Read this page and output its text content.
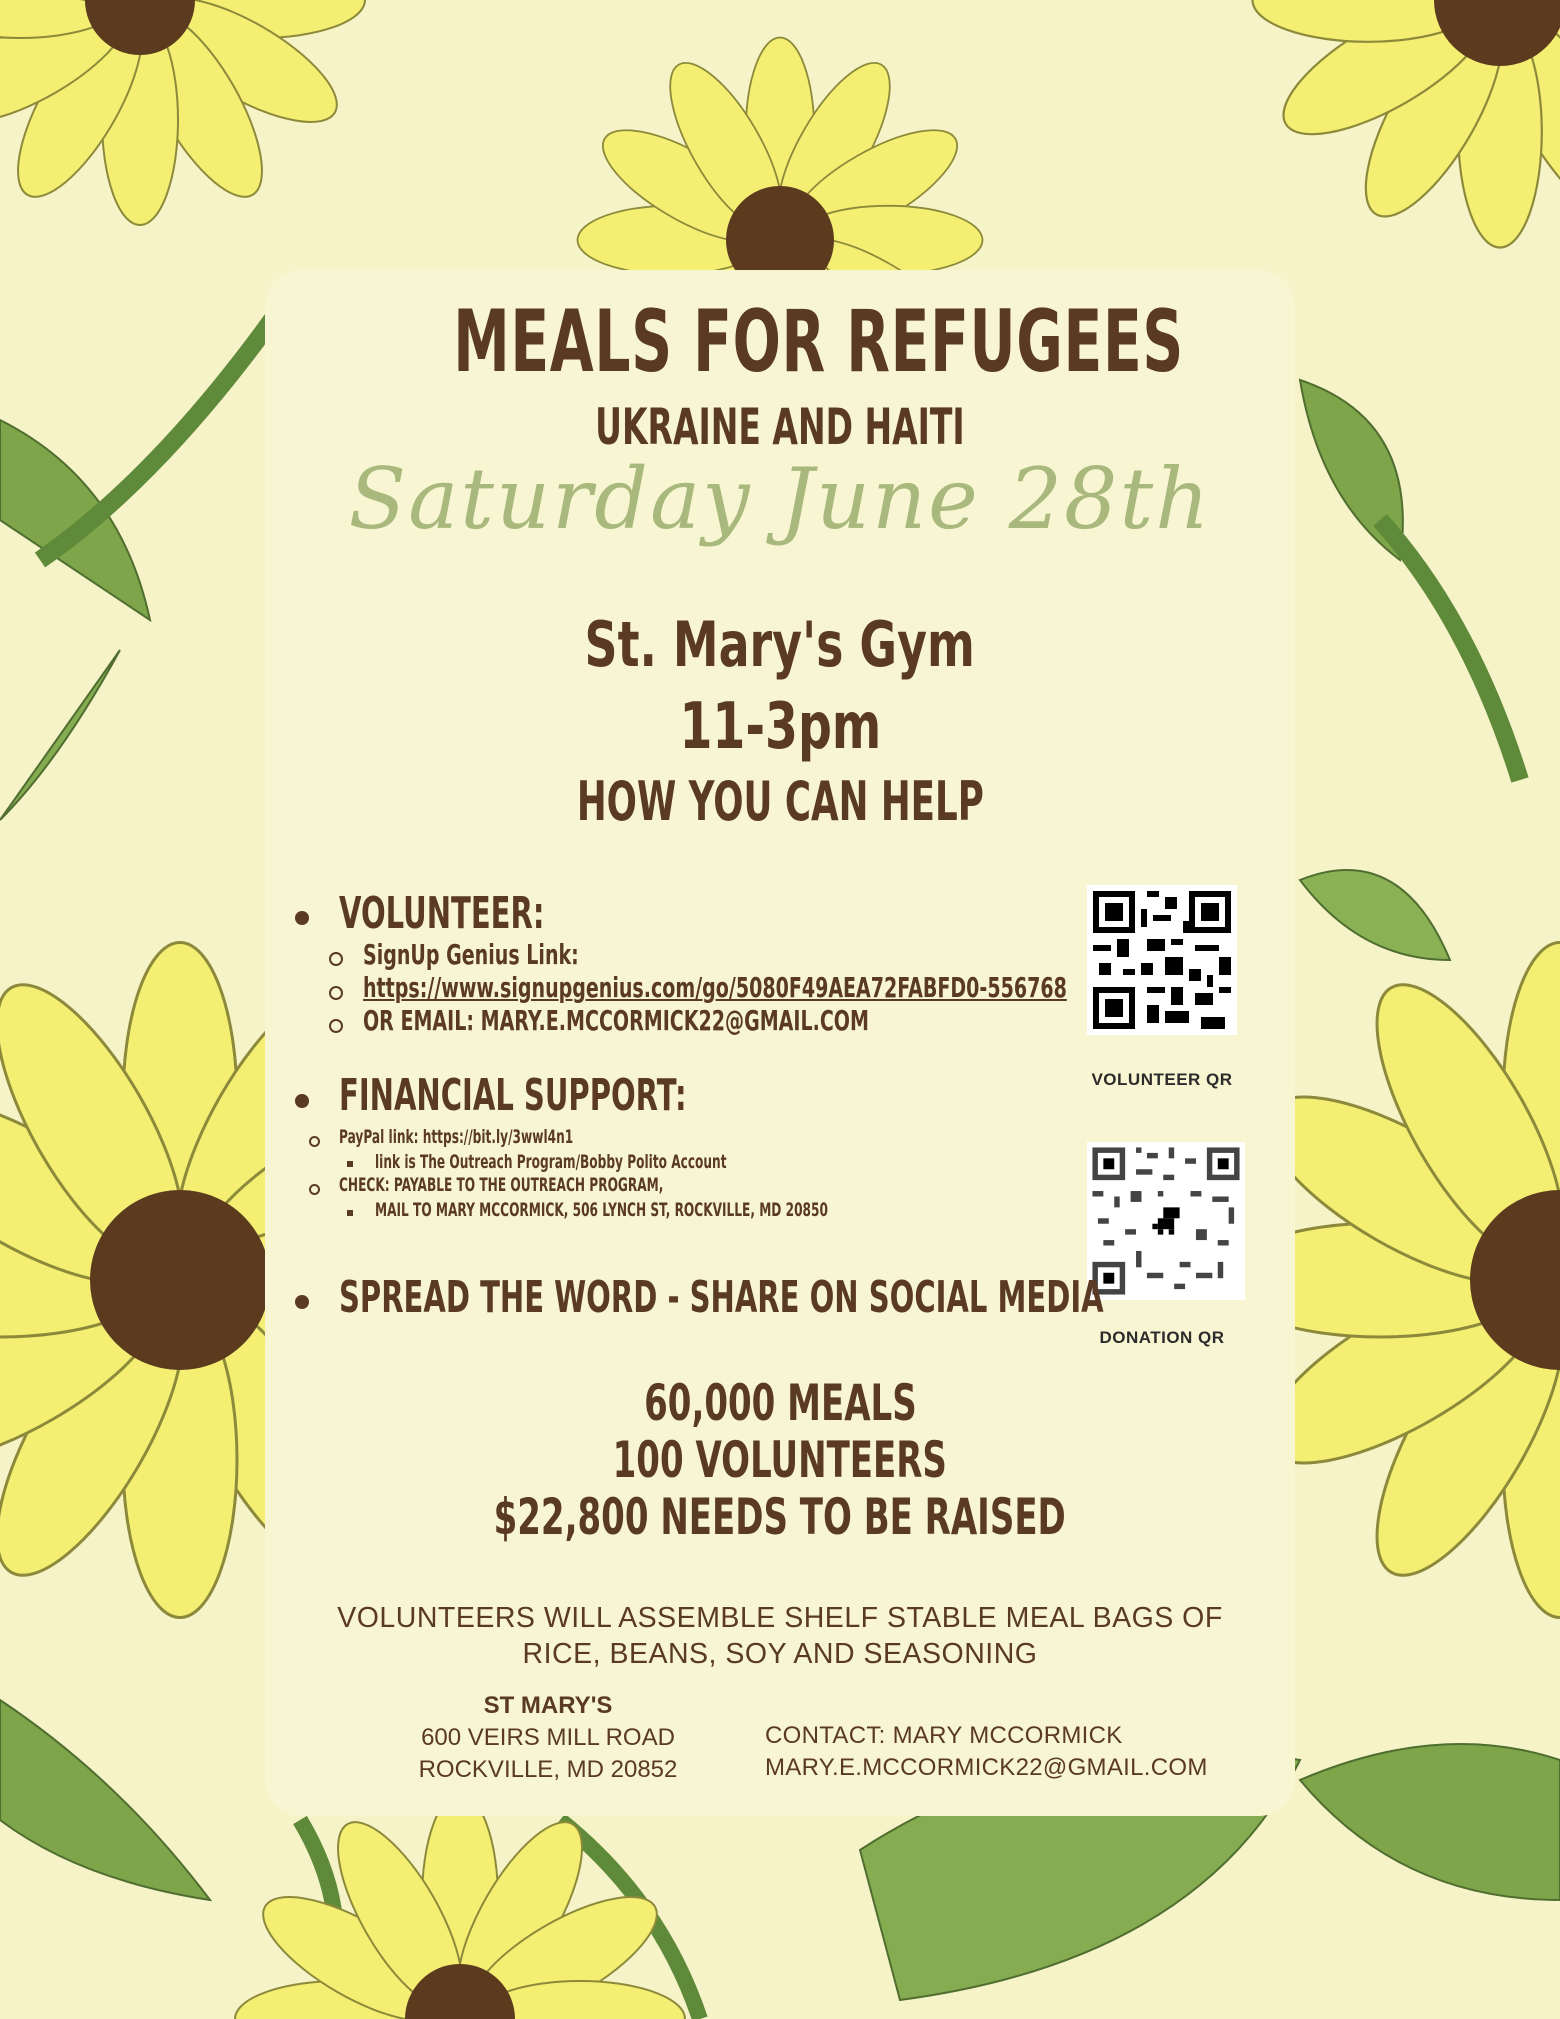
MEALS FOR REFUGEES
UKRAINE AND HAITI
Saturday June 28th
St. Mary's Gym
11-3pm
HOW YOU CAN HELP
VOLUNTEER:
SignUp Genius Link:
https://www.signupgenius.com/go/5080F49AEA72FABFD0-556768
OR EMAIL: MARY.E.MCCORMICK22@GMAIL.COM
VOLUNTEER QR
FINANCIAL SUPPORT:
PayPal link: https://bit.ly/3wwl4n1
link is The Outreach Program/Bobby Polito Account
CHECK: PAYABLE TO THE OUTREACH PROGRAM,
MAIL TO MARY MCCORMICK, 506 LYNCH ST, ROCKVILLE, MD 20850
DONATION QR
SPREAD THE WORD - SHARE ON SOCIAL MEDIA
60,000 MEALS
100 VOLUNTEERS
$22,800 NEEDS TO BE RAISED
VOLUNTEERS WILL ASSEMBLE SHELF STABLE MEAL BAGS OF
RICE, BEANS, SOY AND SEASONING
ST MARY'S
600 VEIRS MILL ROAD
ROCKVILLE, MD 20852
CONTACT: MARY MCCORMICK
MARY.E.MCCORMICK22@GMAIL.COM
